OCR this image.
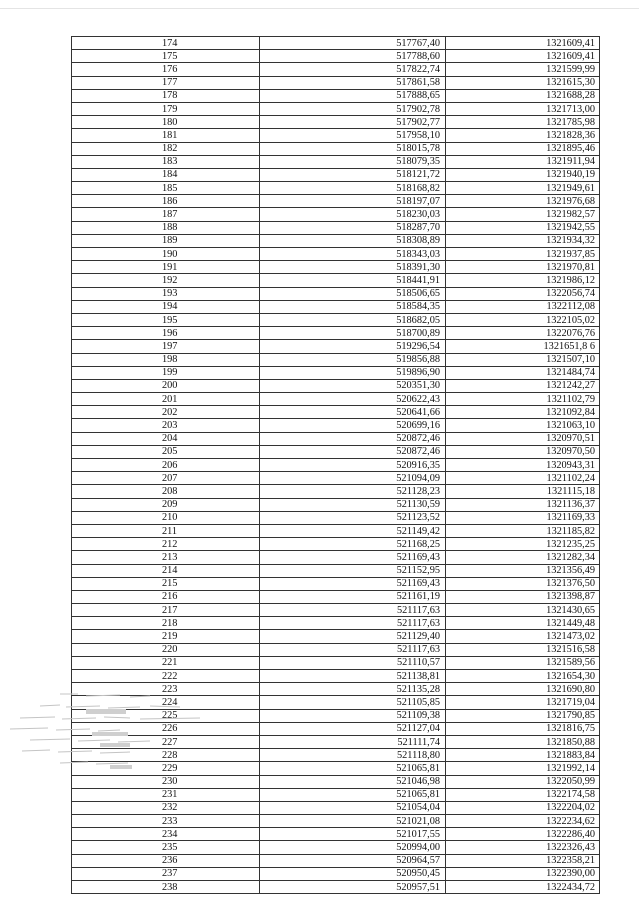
174	517767,40	1321609,41
175	517788,60	1321609,41
176	517822,74	1321599,99
177	517861,58	1321615,30
178	517888,65	1321688,28
179	517902,78	1321713,00
180	517902,77	1321785,98
181	517958,10	1321828,36
182	518015,78	1321895,46
183	518079,35	1321911,94
184	518121,72	1321940,19
185	518168,82	1321949,61
186	518197,07	1321976,68
187	518230,03	1321982,57
188	518287,70	1321942,55
189	518308,89	1321934,32
190	518343,03	1321937,85
191	518391,30	1321970,81
192	518441,91	1321986,12
193	518506,65	1322056,74
194	518584,35	1322112,08
195	518682,05	1322105,02
196	518700,89	1322076,76
197	519296,54	1321651,8 6
198	519856,88	1321507,10
199	519896,90	1321484,74
200	520351,30	1321242,27
201	520622,43	1321102,79
202	520641,66	1321092,84
203	520699,16	1321063,10
204	520872,46	1320970,51
205	520872,46	1320970,50
206	520916,35	1320943,31
207	521094,09	1321102,24
208	521128,23	1321115,18
209	521130,59	1321136,37
210	521123,52	1321169,33
211	521149,42	1321185,82
212	521168,25	1321235,25
213	521169,43	1321282,34
214	521152,95	1321356,49
215	521169,43	1321376,50
216	521161,19	1321398,87
217	521117,63	1321430,65
218	521117,63	1321449,48
219	521129,40	1321473,02
220	521117,63	1321516,58
221	521110,57	1321589,56
222	521138,81	1321654,30
223	521135,28	1321690,80
224	521105,85	1321719,04
225	521109,38	1321790,85
226	521127,04	1321816,75
227	521111,74	1321850,88
228	521118,80	1321883,84
229	521065,81	1321992,14
230	521046,98	1322050,99
231	521065,81	1322174,58
232	521054,04	1322204,02
233	521021,08	1322234,62
234	521017,55	1322286,40
235	520994,00	1322326,43
236	520964,57	1322358,21
237	520950,45	1322390,00
238	520957,51	1322434,72
